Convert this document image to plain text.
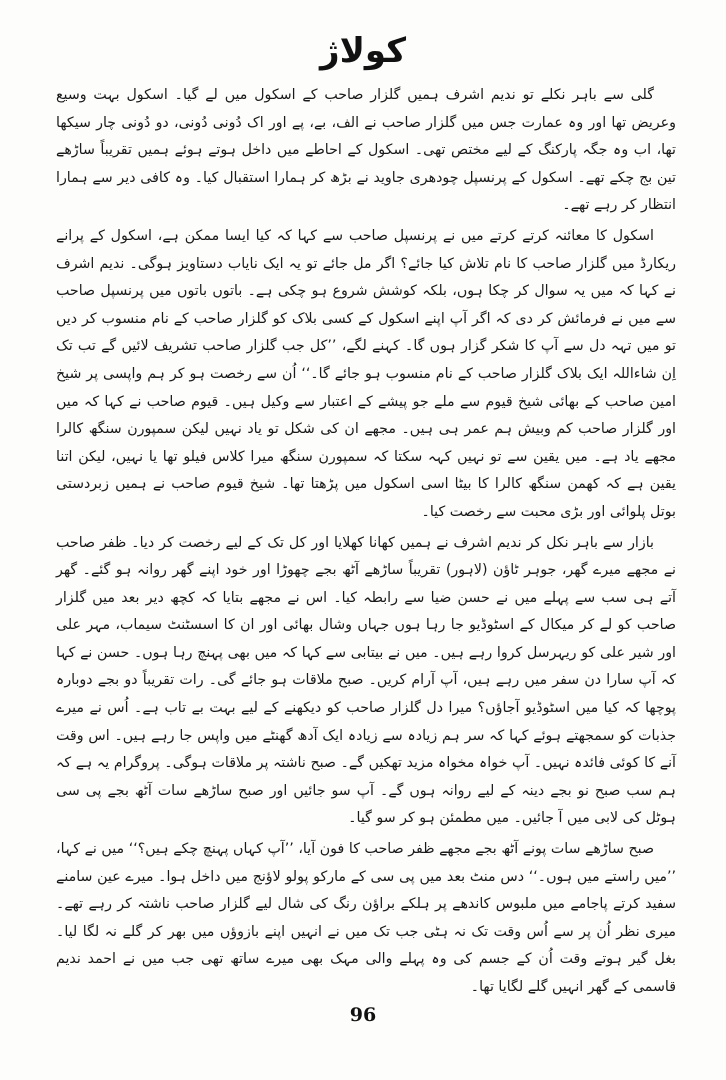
کولاژ

گلی سے باہر نکلے تو ندیم اشرف ہمیں گلزار صاحب کے اسکول میں لے گیا۔ اسکول بہت وسیع وعریض تھا اور وہ عمارت جس میں گلزار صاحب نے الف، بے، پے اور اک دُونی دُونی، دو دُونی چار سیکھا تھا، اب وہ جگہ پارکنگ کے لیے مختص تھی۔ اسکول کے احاطے میں داخل ہوتے ہوئے ہمیں تقریباً ساڑھے تین بج چکے تھے۔ اسکول کے پرنسپل چودھری جاوید نے بڑھ کر ہمارا استقبال کیا۔ وہ کافی دیر سے ہمارا انتظار کر رہے تھے۔

اسکول کا معائنہ کرتے کرتے میں نے پرنسپل صاحب سے کہا کہ کیا ایسا ممکن ہے، اسکول کے پرانے ریکارڈ میں گلزار صاحب کا نام تلاش کیا جائے؟ اگر مل جائے تو یہ ایک نایاب دستاویز ہوگی۔ ندیم اشرف نے کہا کہ میں یہ سوال کر چکا ہوں، بلکہ کوشش شروع ہو چکی ہے۔ باتوں باتوں میں پرنسپل صاحب سے میں نے فرمائش کر دی کہ اگر آپ اپنے اسکول کے کسی بلاک کو گلزار صاحب کے نام منسوب کر دیں تو میں تہہ دل سے آپ کا شکر گزار ہوں گا۔ کہنے لگے، ’’کل جب گلزار صاحب تشریف لائیں گے تب تک اِن شاءاللہ ایک بلاک گلزار صاحب کے نام منسوب ہو جائے گا۔‘‘ اُن سے رخصت ہو کر ہم واپسی پر شیخ امین صاحب کے بھائی شیخ قیوم سے ملے جو پیشے کے اعتبار سے وکیل ہیں۔ قیوم صاحب نے کہا کہ میں اور گلزار صاحب کم وبیش ہم عمر ہی ہیں۔ مجھے ان کی شکل تو یاد نہیں لیکن سمپورن سنگھ کالرا مجھے یاد ہے۔ میں یقین سے تو نہیں کہہ سکتا کہ سمپورن سنگھ میرا کلاس فیلو تھا یا نہیں، لیکن اتنا یقین ہے کہ کھمن سنگھ کالرا کا بیٹا اسی اسکول میں پڑھتا تھا۔ شیخ قیوم صاحب نے ہمیں زبردستی بوتل پلوائی اور بڑی محبت سے رخصت کیا۔

بازار سے باہر نکل کر ندیم اشرف نے ہمیں کھانا کھلایا اور کل تک کے لیے رخصت کر دیا۔ ظفر صاحب نے مجھے میرے گھر، جوہر ٹاؤن (لاہور) تقریباً ساڑھے آٹھ بجے چھوڑا اور خود اپنے گھر روانہ ہو گئے۔ گھر آتے ہی سب سے پہلے میں نے حسن ضیا سے رابطہ کیا۔ اس نے مجھے بتایا کہ کچھ دیر بعد میں گلزار صاحب کو لے کر میکال کے اسٹوڈیو جا رہا ہوں جہاں وشال بھائی اور ان کا اسسٹنٹ سیماب، مہر علی اور شیر علی کو ریہرسل کروا رہے ہیں۔ میں نے بیتابی سے کہا کہ میں بھی پہنچ رہا ہوں۔ حسن نے کہا کہ آپ سارا دن سفر میں رہے ہیں، آپ آرام کریں۔ صبح ملاقات ہو جائے گی۔ رات تقریباً دو بجے دوبارہ پوچھا کہ کیا میں اسٹوڈیو آجاؤں؟ میرا دل گلزار صاحب کو دیکھنے کے لیے بہت بے تاب ہے۔ اُس نے میرے جذبات کو سمجھتے ہوئے کہا کہ سر ہم زیادہ سے زیادہ ایک آدھ گھنٹے میں واپس جا رہے ہیں۔ اس وقت آنے کا کوئی فائدہ نہیں۔ آپ خواہ مخواہ مزید تھکیں گے۔ صبح ناشتہ پر ملاقات ہوگی۔ پروگرام یہ ہے کہ ہم سب صبح نو بجے دینہ کے لیے روانہ ہوں گے۔ آپ سو جائیں اور صبح ساڑھے سات آٹھ بجے پی سی ہوٹل کی لابی میں آ جائیں۔ میں مطمئن ہو کر سو گیا۔

صبح ساڑھے سات پونے آٹھ بجے مجھے ظفر صاحب کا فون آیا، ’’آپ کہاں پہنچ چکے ہیں؟‘‘ میں نے کہا، ’’میں راستے میں ہوں۔‘‘ دس منٹ بعد میں پی سی کے مارکو پولو لاؤنج میں داخل ہوا۔ میرے عین سامنے سفید کرتے پاجامے میں ملبوس کاندھے پر ہلکے براؤن رنگ کی شال لیے گلزار صاحب ناشتہ کر رہے تھے۔ میری نظر اُن پر سے اُس وقت تک نہ ہٹی جب تک میں نے انہیں اپنے بازوؤں میں بھر کر گلے نہ لگا لیا۔ بغل گیر ہوتے وقت اُن کے جسم کی وہ پہلے والی مہک بھی میرے ساتھ تھی جب میں نے احمد ندیم قاسمی کے گھر انہیں گلے لگایا تھا۔

96
